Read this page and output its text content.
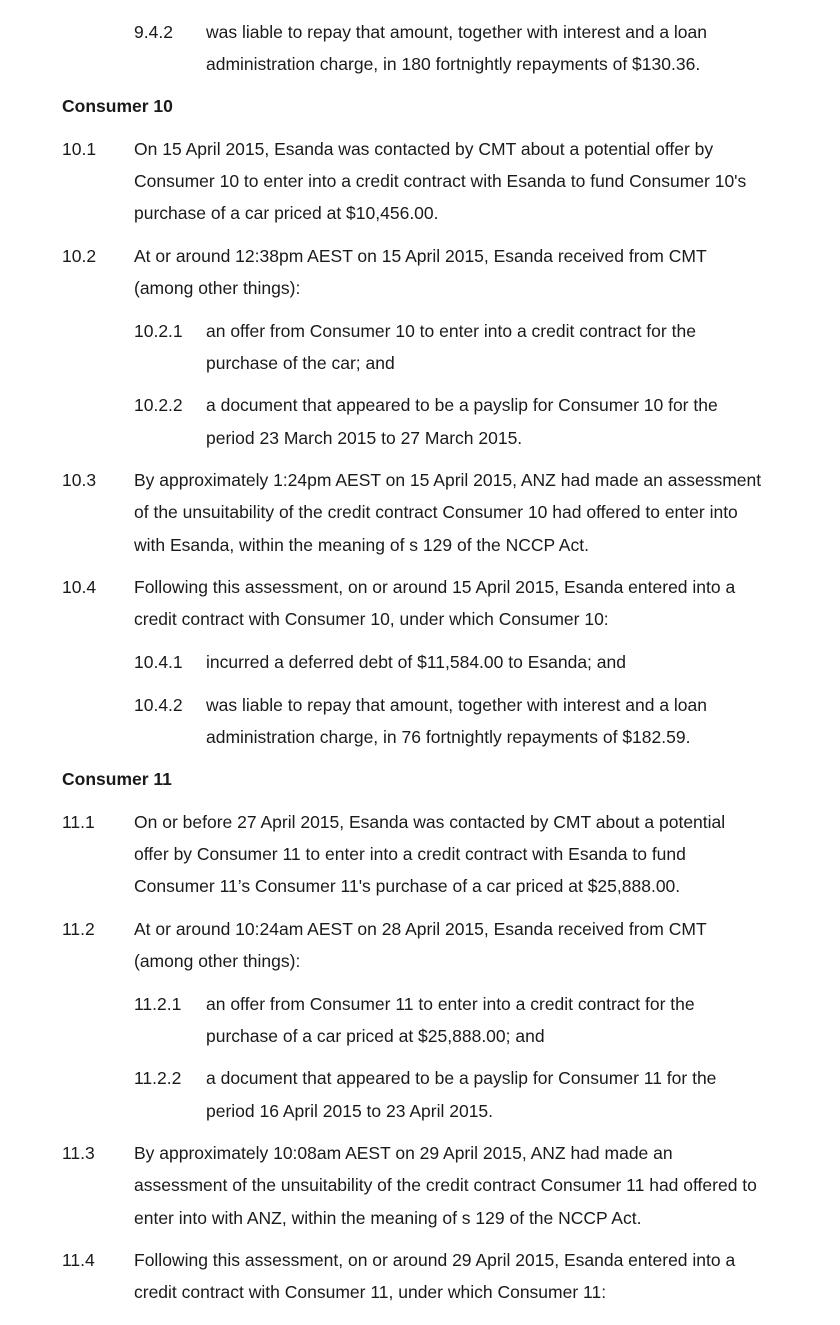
9.4.2 was liable to repay that amount, together with interest and a loan
administration charge, in 180 fortnightly repayments of $130.36.
Consumer 10
10.1 On 15 April 2015, Esanda was contacted by CMT about a potential offer by
Consumer 10 to enter into a credit contract with Esanda to fund Consumer 10's
purchase of a car priced at $10,456.00.
10.2 At or around 12:38pm AEST on 15 April 2015, Esanda received from CMT
(among other things):
10.2.1 an offer from Consumer 10 to enter into a credit contract for the
purchase of the car; and
10.2.2 a document that appeared to be a payslip for Consumer 10 for the
period 23 March 2015 to 27 March 2015.
10.3 By approximately 1:24pm AEST on 15 April 2015, ANZ had made an assessment
of the unsuitability of the credit contract Consumer 10 had offered to enter into
with Esanda, within the meaning of s 129 of the NCCP Act.
10.4 Following this assessment, on or around 15 April 2015, Esanda entered into a
credit contract with Consumer 10, under which Consumer 10:
10.4.1 incurred a deferred debt of $11,584.00 to Esanda; and
10.4.2 was liable to repay that amount, together with interest and a loan
administration charge, in 76 fortnightly repayments of $182.59.
Consumer 11
11.1 On or before 27 April 2015, Esanda was contacted by CMT about a potential
offer by Consumer 11 to enter into a credit contract with Esanda to fund
Consumer 11’s Consumer 11's purchase of a car priced at $25,888.00.
11.2 At or around 10:24am AEST on 28 April 2015, Esanda received from CMT
(among other things):
11.2.1 an offer from Consumer 11 to enter into a credit contract for the
purchase of a car priced at $25,888.00; and
11.2.2 a document that appeared to be a payslip for Consumer 11 for the
period 16 April 2015 to 23 April 2015.
11.3 By approximately 10:08am AEST on 29 April 2015, ANZ had made an
assessment of the unsuitability of the credit contract Consumer 11 had offered to
enter into with ANZ, within the meaning of s 129 of the NCCP Act.
11.4 Following this assessment, on or around 29 April 2015, Esanda entered into a
credit contract with Consumer 11, under which Consumer 11:
